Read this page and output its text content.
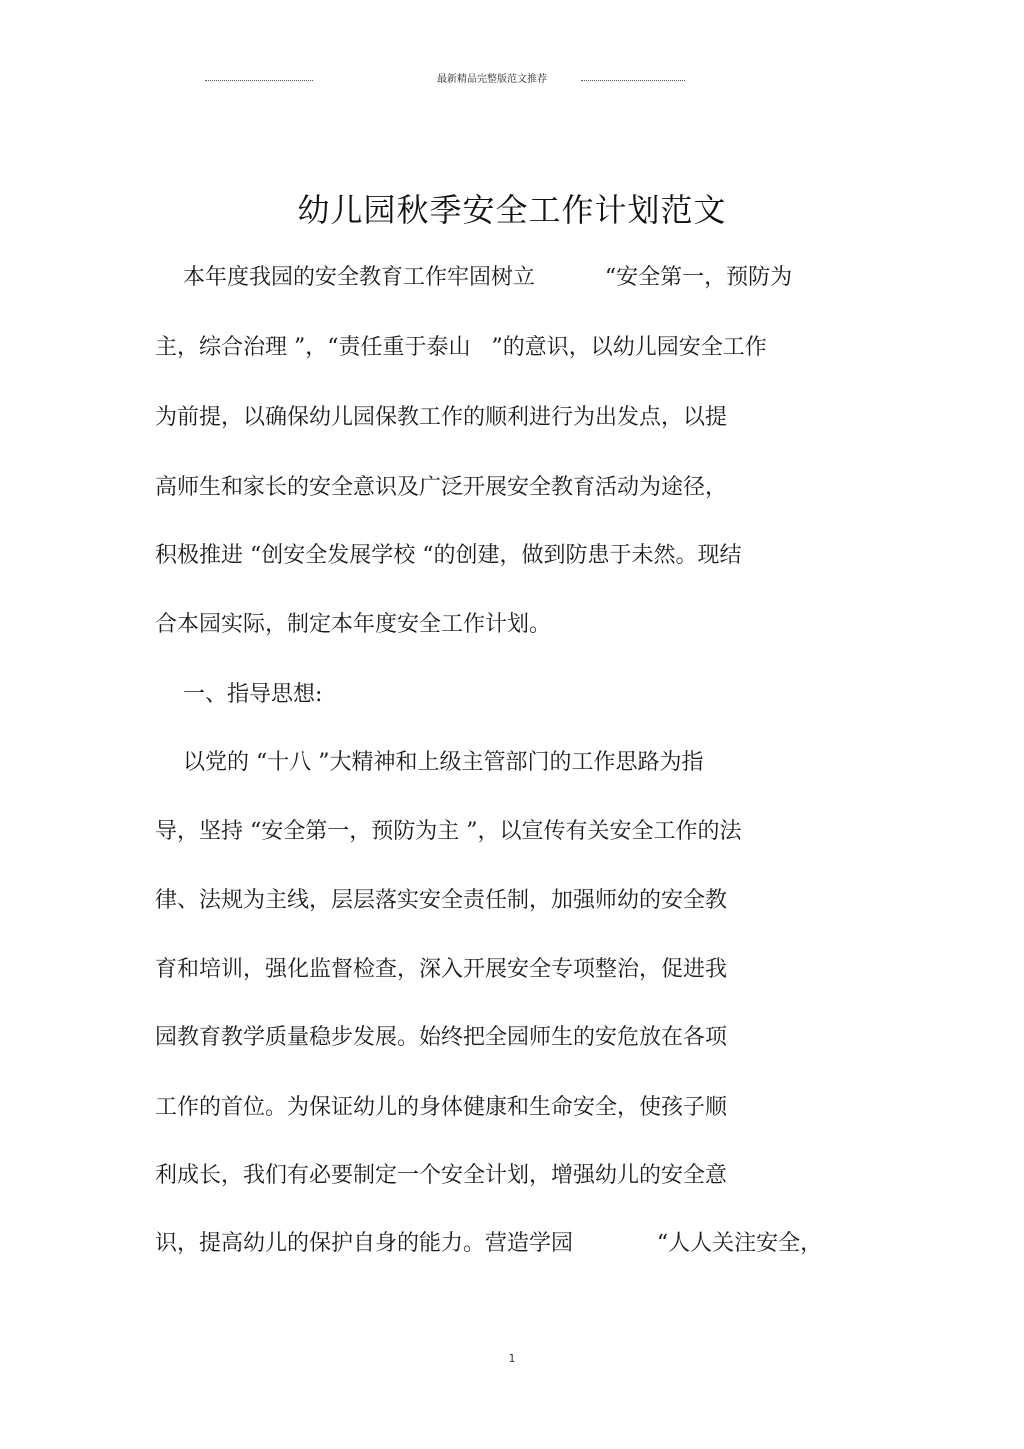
最新精品完整版范文推荐
幼儿园秋季安全工作计划范文
本年度我园的安全教育工作牢固树立          “安全第一，预防为
主，综合治理 ”，“责任重于泰山   ”的意识，以幼儿园安全工作
为前提，以确保幼儿园保教工作的顺利进行为出发点，以提
高师生和家长的安全意识及广泛开展安全教育活动为途径，
积极推进 “创安全发展学校 “的创建，做到防患于未然。现结
合本园实际，制定本年度安全工作计划。
一、指导思想:
以党的 “十八 ”大精神和上级主管部门的工作思路为指
导，坚持 “安全第一，预防为主 ”，以宣传有关安全工作的法
律、法规为主线，层层落实安全责任制，加强师幼的安全教
育和培训，强化监督检查，深入开展安全专项整治，促进我
园教育教学质量稳步发展。始终把全园师生的安危放在各项
工作的首位。为保证幼儿的身体健康和生命安全，使孩子顺
利成长，我们有必要制定一个安全计划，增强幼儿的安全意
识，提高幼儿的保护自身的能力。营造学园            “人人关注安全，
1
